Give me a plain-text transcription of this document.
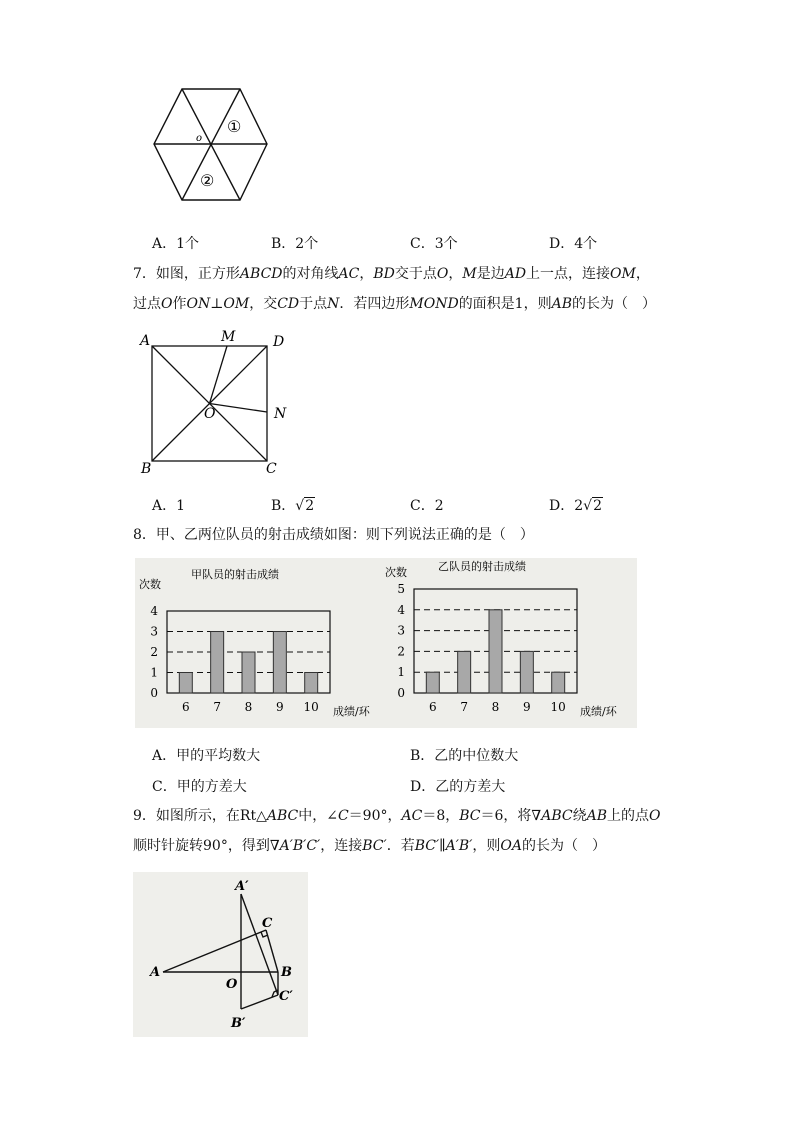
o
①
②
A．1个	B．2个	C．3个	D．4个
7．如图，正方形ABCD的对角线AC，BD交于点O，M是边AD上一点，连接OM，
过点O作ON⊥OM，交CD于点N．若四边形MOND的面积是1，则AB的长为（　）
A	M	D
O	N
B	C
A．1	B．√2	C．2	D．2√2
8．甲、乙两位队员的射击成绩如图：则下列说法正确的是（　）
甲队员的射击成绩
次数
0
1
2
3
4
6 7 8 9 10 成绩/环
乙队员的射击成绩
次数
0
1
2
3
4
5
6 7 8 9 10 成绩/环
A．甲的平均数大	B．乙的中位数大
C．甲的方差大	D．乙的方差大
9．如图所示，在Rt△ABC中，∠C＝90°，AC＝8，BC＝6，将∇ABC绕AB上的点O
顺时针旋转90°，得到∇A′B′C′，连接BC′．若BC′∥A′B′，则OA的长为（　）
A′
C
A
O
B
C′
B′
